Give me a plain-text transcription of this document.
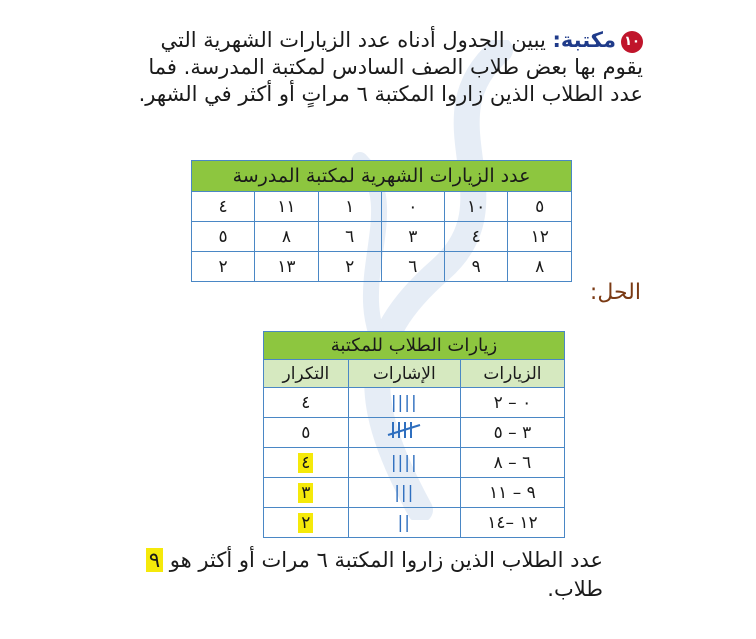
١٠مكتبة: يبين الجدول أدناه عدد الزيارات الشهرية التي يقوم بها بعض طلاب الصف السادس لمكتبة المدرسة. فما عدد الطلاب الذين زاروا المكتبة ٦ مراتٍ أو أكثر في الشهر.
عدد الزيارات الشهرية لمكتبة المدرسة					
٥	١٠	٠	١	١١	٤
١٢	٤	٣	٦	٨	٥
٨	٩	٦	٢	١٣	٢
الحل:
زيارات الطلاب للمكتبة		
الزيارات	الإشارات	التكرار
٠ – ٢	||||	٤
٣ – ٥		٥
٦ – ٨	||||	٤
٩ – ١١	|||	٣
١٢ –١٤	||	٢
عدد الطلاب الذين زاروا المكتبة ٦ مرات أو أكثر هو ٩ طلاب.
